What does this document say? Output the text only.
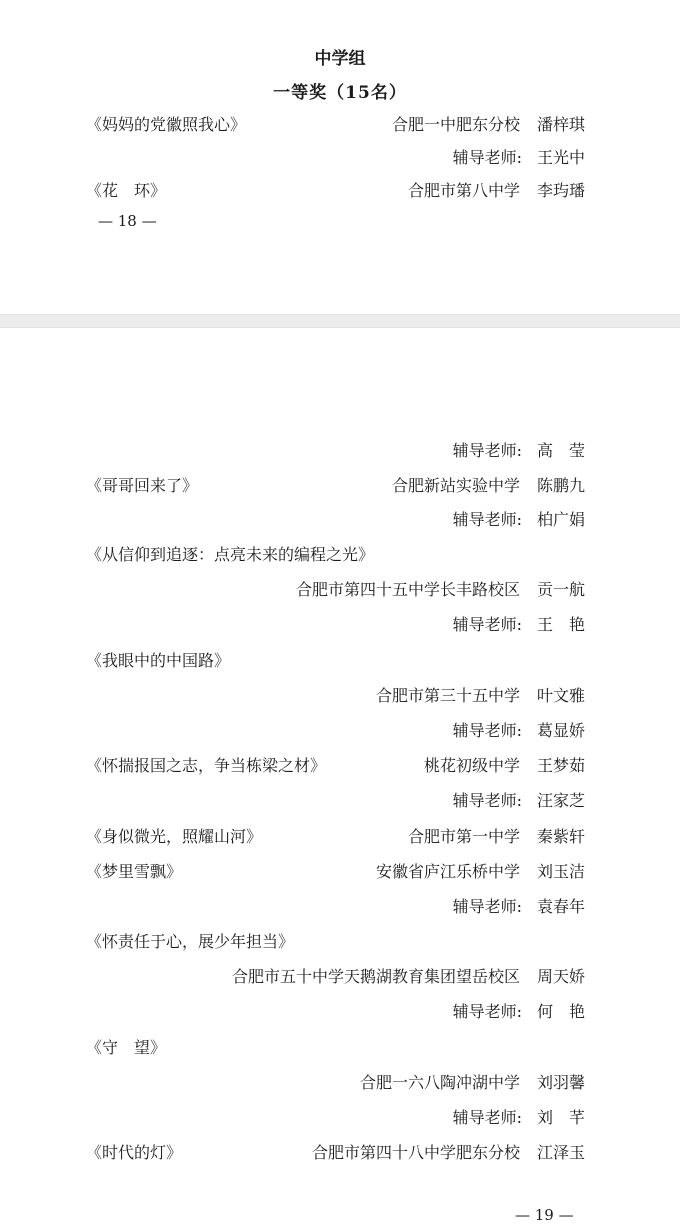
中学组
一等奖（15名）
《妈妈的党徽照我心》	合肥一中肥东分校 潘梓琪
辅导老师: 王光中
《花　环》	合肥市第八中学 李玙璠
— 18 —
辅导老师: 高　莹
《哥哥回来了》	合肥新站实验中学 陈鹏九
辅导老师: 柏广娟
《从信仰到追逐：点亮未来的编程之光》
合肥市第四十五中学长丰路校区 贡一航
辅导老师: 王　艳
《我眼中的中国路》
合肥市第三十五中学 叶文雅
辅导老师: 葛显娇
《怀揣报国之志，争当栋梁之材》	桃花初级中学 王梦茹
辅导老师: 汪家芝
《身似微光，照耀山河》	合肥市第一中学 秦紫轩
《梦里雪飘》	安徽省庐江乐桥中学 刘玉洁
辅导老师: 袁春年
《怀责任于心，展少年担当》
合肥市五十中学天鹅湖教育集团望岳校区 周天娇
辅导老师: 何　艳
《守　望》
合肥一六八陶冲湖中学 刘羽馨
辅导老师: 刘　芊
《时代的灯》	合肥市第四十八中学肥东分校 江泽玉
— 19 —
